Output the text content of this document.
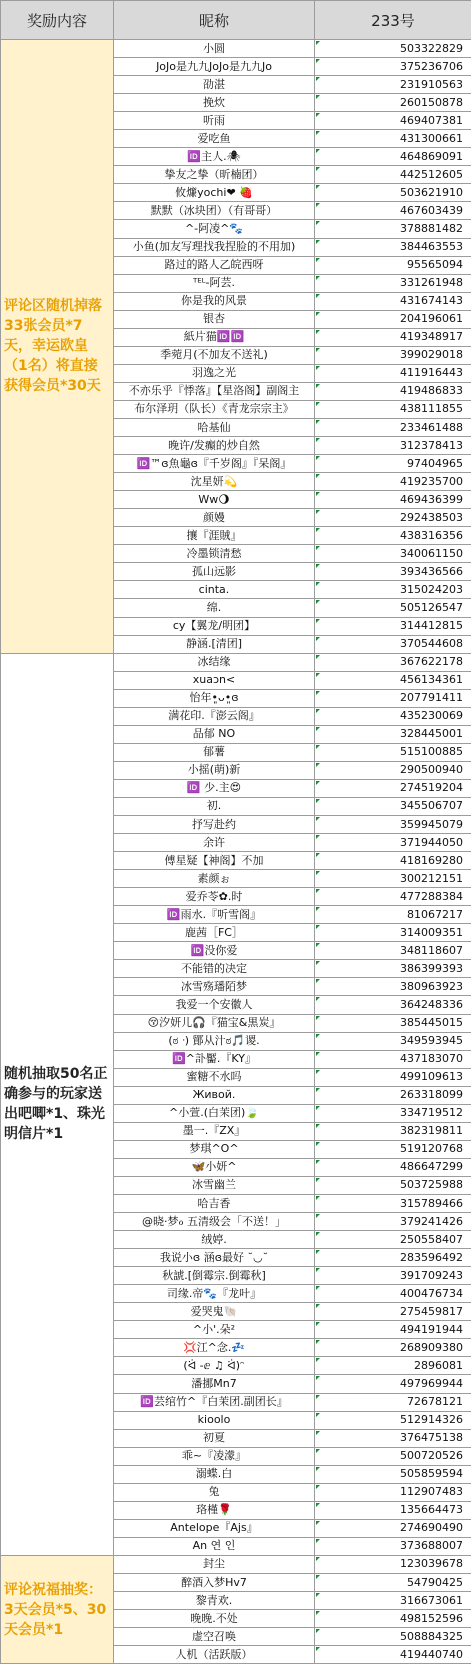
奖励内容	昵称	233号
评论区随机掉落33张会员*7天，幸运欧皇（1名）将直接获得会员*30天	小圆	503322829
	JoJo是九九JoJo是九九Jo	375236706
	劭湛	231910563
	挽炊	260150878
	听雨	469407381
	爱吃鱼	431300661
	🆔主人.🕷	464869091
	挚友之挚（昕楠团）	442512605
	攸燫yochi❤ 🍓	503621910
	默默（冰块团）（有哥哥）	467603439
	^-阿凌^🐾	378881482
	小鱼(加友写理找我捏脸的不用加)	384463553
	路过的路人乙皖西呀	95565094
	ᵀᴱᴸ-阿芸.	331261948
	你是我的风景	431674143
	银杏	204196061
	紙片猫🆔🆔	419348917
	季菀月(不加友不送礼)	399029018
	羽逸之光	411916443
	不亦乐乎『悸落』【星洛阁】副阁主	419486833
	布尔泽玥（队长）《青龙宗宗主》	438111855
	哈基仙	233461488
	晚许/发癫的炒自然	312378413
	🆔™ɞ魚龜ɞ『千岁阁』『呆阁』	97404965
	沈星妍💫	419235700
	Ww🌖	469436399
	颜嫚	292438503
	攘『涯賊』	438316356
	冷墨锁清愁	340061150
	孤山远影	393436566
	cinta.	315024203
	绵.	505126547
	cy【翼龙/明团】	314412815
	静涵.[清团]	370544608
随机抽取50名正确参与的玩家送出吧唧*1、珠光明信片*1	冰结缘	367622178
	xuaɔn<	456134361
	怡年•͈ᴗ•͈ɞ	207791411
	满花印.『澎云阁』	435230069
	品郁 NO	328445001
	郁薯	515100885
	小摇(萌)新	290500940
	🆔 少.主😍	274519204
	初.	345506707
	抒写赴约	359945079
	余许	371944050
	傅星疑【神阁】不加	418169280
	素颜ぉ	300212151
	爱乔苓✿.时	477288384
	🆔雨水.『听雪阁』	81067217
	鹿茜［FC］	314009351
	🆔没你爱	348118607
	不能错的决定	386399393
	冰雪殇璠陌梦	380963923
	我爱一个安徽人	364248336
	😚汐妍儿🎧『猫宝&黒炭』	385445015
	(ಠ ᐧ) 鄮从汁ಠ🎵谡.	349593945
	🆔^訃靨.『KY』	437183070
	蜜糖不水吗	499109613
	Живой.	263318099
	^小萱.(白茉团)🍃	334719512
	墨一.『ZX』	382319811
	梦琪^O^	519120768
	🦋小妍^	486647299
	冰雪幽兰	503725988
	哈吉香	315789466
	@晓·梦ℴ 五清级会「不送！」	379241426
	绒婷.	250558407
	我说小ɞ 涵ɞ最好 ˘◡˘	283596492
	秋諕.[倒霉宗.倒霉秋]	391709243
	司缘.帝🐾『龙叶』	400476734
	爱哭鬼🐚	275459817
	^小'.朵²	494191944
	💢江^念.💤	268909380
	(ᐛ -ⅇ ♫ ᐛ)ᵔ	2896081
	潘挪Mn7	497969944
	🆔芸绾竹^『白茉团.副团长』	72678121
	kioolo	512914326
	初夏	376475138
	乖~『凌濛』	500720526
	溺蝶.白	505859594
	兔	112907483
	珞槿🌹	135664473
	Antelope『Ajs』	274690490
	An 연 인	373688007
评论祝福抽奖：3天会员*5、30天会员*1	封尘	123039678
	醉酒入梦Hv7	54790425
	黎青欢.	316673061
	晚晚.不处	498152596
	虚空召唤	508884325
	人机（活跃版）	419440740
